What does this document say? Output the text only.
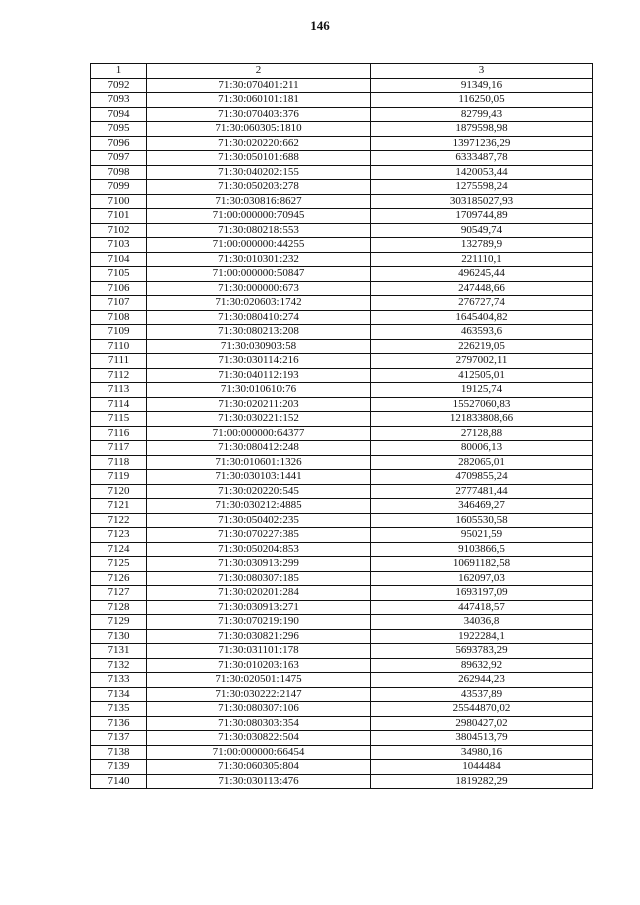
146
1	2	3
7092	71:30:070401:211	91349,16
7093	71:30:060101:181	116250,05
7094	71:30:070403:376	82799,43
7095	71:30:060305:1810	1879598,98
7096	71:30:020220:662	13971236,29
7097	71:30:050101:688	6333487,78
7098	71:30:040202:155	1420053,44
7099	71:30:050203:278	1275598,24
7100	71:30:030816:8627	303185027,93
7101	71:00:000000:70945	1709744,89
7102	71:30:080218:553	90549,74
7103	71:00:000000:44255	132789,9
7104	71:30:010301:232	221110,1
7105	71:00:000000:50847	496245,44
7106	71:30:000000:673	247448,66
7107	71:30:020603:1742	276727,74
7108	71:30:080410:274	1645404,82
7109	71:30:080213:208	463593,6
7110	71:30:030903:58	226219,05
7111	71:30:030114:216	2797002,11
7112	71:30:040112:193	412505,01
7113	71:30:010610:76	19125,74
7114	71:30:020211:203	15527060,83
7115	71:30:030221:152	121833808,66
7116	71:00:000000:64377	27128,88
7117	71:30:080412:248	80006,13
7118	71:30:010601:1326	282065,01
7119	71:30:030103:1441	4709855,24
7120	71:30:020220:545	2777481,44
7121	71:30:030212:4885	346469,27
7122	71:30:050402:235	1605530,58
7123	71:30:070227:385	95021,59
7124	71:30:050204:853	9103866,5
7125	71:30:030913:299	10691182,58
7126	71:30:080307:185	162097,03
7127	71:30:020201:284	1693197,09
7128	71:30:030913:271	447418,57
7129	71:30:070219:190	34036,8
7130	71:30:030821:296	1922284,1
7131	71:30:031101:178	5693783,29
7132	71:30:010203:163	89632,92
7133	71:30:020501:1475	262944,23
7134	71:30:030222:2147	43537,89
7135	71:30:080307:106	25544870,02
7136	71:30:080303:354	2980427,02
7137	71:30:030822:504	3804513,79
7138	71:00:000000:66454	34980,16
7139	71:30:060305:804	1044484
7140	71:30:030113:476	1819282,29
